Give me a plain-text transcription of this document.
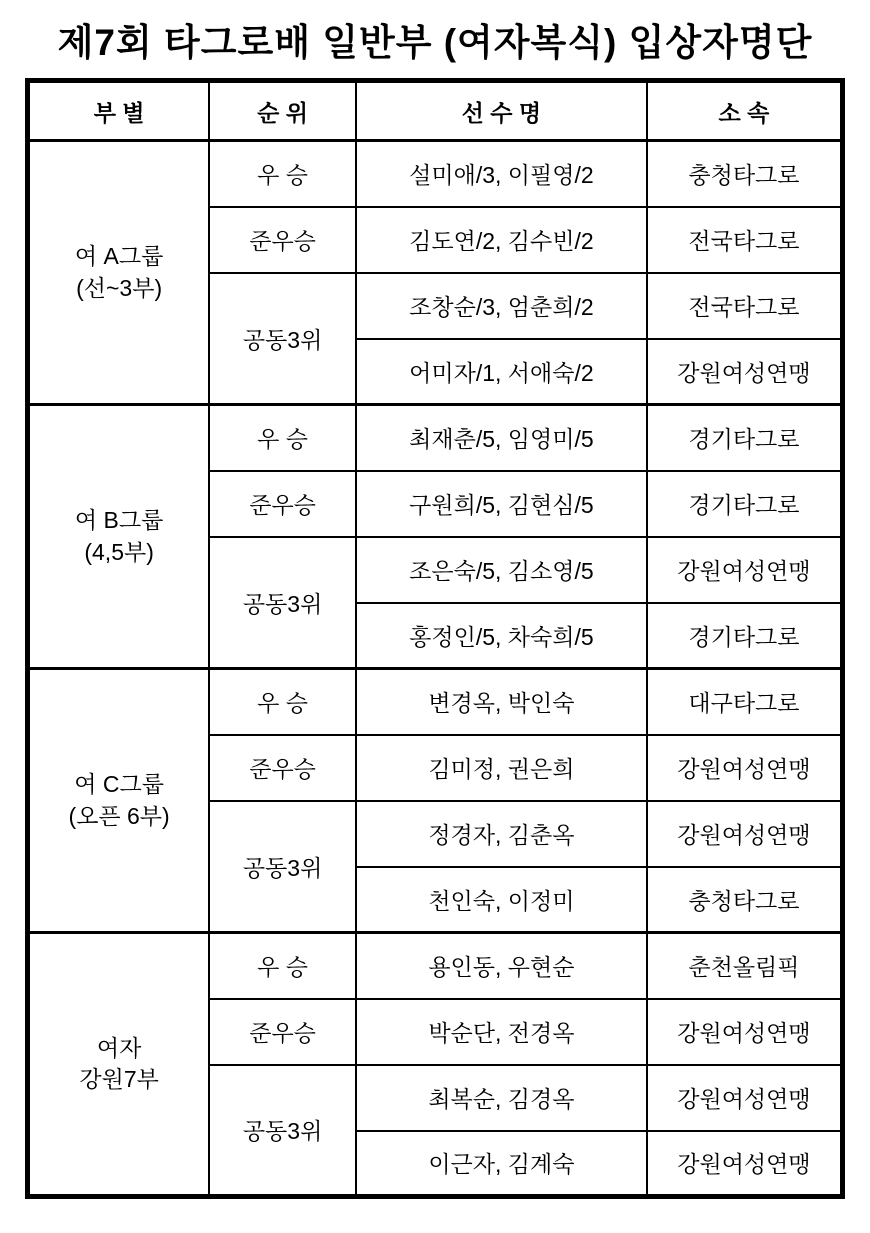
제7회 타그로배 일반부 (여자복식) 입상자명단
부 별	순 위	선 수 명	소 속

여 A그룹
(선~3부)	우 승	설미애/3, 이필영/2	충청타그로
	준우승	김도연/2, 김수빈/2	전국타그로
	공동3위	조창순/3, 엄춘희/2	전국타그로
		어미자/1, 서애숙/2	강원여성연맹

여 B그룹
(4,5부)	우 승	최재춘/5, 임영미/5	경기타그로
	준우승	구원희/5, 김현심/5	경기타그로
	공동3위	조은숙/5, 김소영/5	강원여성연맹
		홍정인/5, 차숙희/5	경기타그로

여 C그룹
(오픈 6부)	우 승	변경옥, 박인숙	대구타그로
	준우승	김미정, 권은희	강원여성연맹
	공동3위	정경자, 김춘옥	강원여성연맹
		천인숙, 이정미	충청타그로

여자
강원7부	우 승	용인동, 우현순	춘천올림픽
	준우승	박순단, 전경옥	강원여성연맹
	공동3위	최복순, 김경옥	강원여성연맹
		이근자, 김계숙	강원여성연맹
